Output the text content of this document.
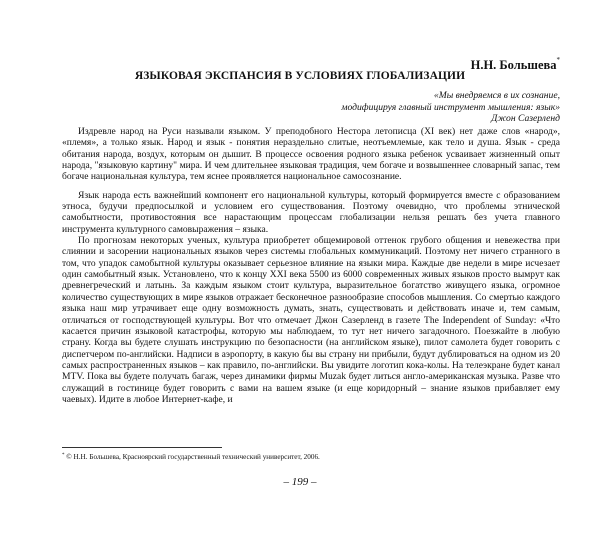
Н.Н. Большева*
ЯЗЫКОВАЯ ЭКСПАНСИЯ В УСЛОВИЯХ ГЛОБАЛИЗАЦИИ
«Мы внедряемся в их сознание,
модифицируя главный инструмент мышления: язык»
Джон Сазерленд

Издревле народ на Руси называли языком. У преподобного Нестора летописца (XI век) нет даже слов «народ», «племя», а только язык. Народ и язык - понятия нераздельно слитые, неотъемлемые, как тело и душа. Язык - среда обитания народа, воздух, которым он дышит. В процессе освоения родного языка ребенок усваивает жизненный опыт народа, "языковую картину" мира. И чем длительнее языковая традиция, чем богаче и возвышеннее словарный запас, тем богаче национальная культура, тем яснее проявляется национальное самосознание.

Язык народа есть важнейший компонент его национальной культуры, который формируется вместе с образованием этноса, будучи предпосылкой и условием его существования. Поэтому очевидно, что проблемы этнической самобытности, противостояния все нарастающим процессам глобализации нельзя решать без учета главного инструмента культурного самовыражения – языка.

По прогнозам некоторых ученых, культура приобретет общемировой оттенок грубого общения и невежества при слиянии и засорении национальных языков через системы глобальных коммуникаций. Поэтому нет ничего странного в том, что упадок самобытной культуры оказывает серьезное влияние на языки мира. Каждые две недели в мире исчезает один самобытный язык. Установлено, что к концу XXI века 5500 из 6000 современных живых языков просто вымрут как древнегреческий и латынь. За каждым языком стоит культура, выразительное богатство живущего языка, огромное количество существующих в мире языков отражает бесконечное разнообразие способов мышления. Со смертью каждого языка наш мир утрачивает еще одну возможность думать, знать, существовать и действовать иначе и, тем самым, отличаться от господствующей культуры. Вот что отмечает Джон Сазерленд в газете The Independent of Sunday: «Что касается причин языковой катастрофы, которую мы наблюдаем, то тут нет ничего загадочного. Поезжайте в любую страну. Когда вы будете слушать инструкцию по безопасности (на английском языке), пилот самолета будет говорить с диспетчером по-английски. Надписи в аэропорту, в какую бы вы страну ни прибыли, будут дублироваться на одном из 20 самых распространенных языков – как правило, по-английски. Вы увидите логотип кока-колы. На телеэкране будет канал MTV. Пока вы будете получать багаж, через динамики фирмы Muzak будет литься англо-американская музыка. Разве что служащий в гостинице будет говорить с вами на вашем языке (и еще коридорный – знание языков прибавляет ему чаевых). Идите в любое Интернет-кафе, и

* © Н.Н. Большева, Красноярский государственный технический университет, 2006.
– 199 –
